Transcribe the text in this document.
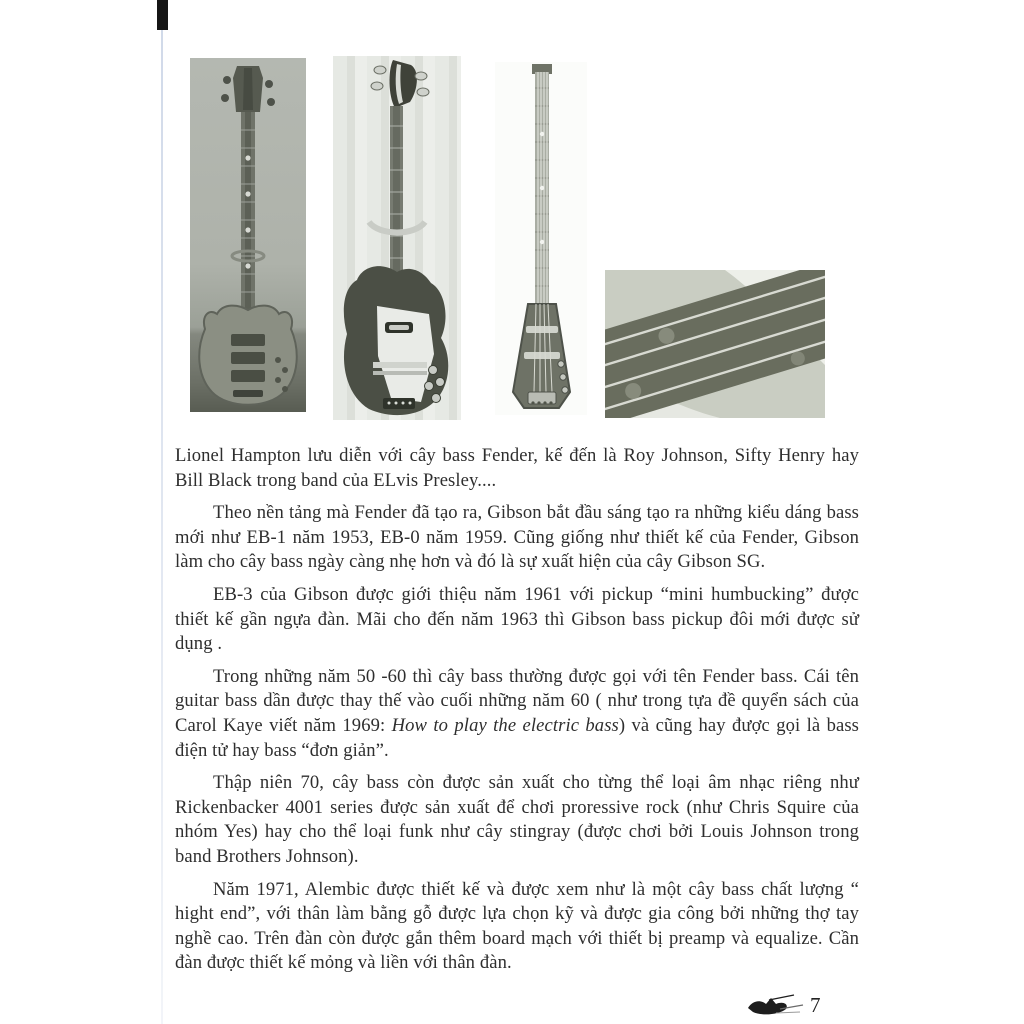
Lionel Hampton lưu diễn với cây bass Fender, kế đến là Roy Johnson, Sifty Henry hay Bill Black trong band của ELvis Presley....

Theo nền tảng mà Fender đã tạo ra, Gibson bắt đầu sáng tạo ra những kiểu dáng bass mới như EB-1 năm 1953, EB-0 năm 1959. Cũng giống như thiết kế của Fender, Gibson làm cho cây bass ngày càng nhẹ hơn và đó là sự xuất hiện của cây Gibson SG.

EB-3 của Gibson được giới thiệu năm 1961 với pickup “mini humbucking” được thiết kế gần ngựa đàn. Mãi cho đến năm 1963 thì Gibson bass pickup đôi mới được sử dụng .

Trong những năm 50 -60 thì cây bass thường được gọi với tên Fender bass. Cái tên guitar bass dần được thay thế vào cuối những năm 60 ( như trong tựa đề quyển sách của Carol Kaye viết năm 1969: How to play the electric bass) và cũng hay được gọi là bass điện tử hay bass “đơn giản”.

Thập niên 70, cây bass còn được sản xuất cho từng thể loại âm nhạc riêng như Rickenbacker 4001 series được sản xuất để chơi proressive rock (như Chris Squire của nhóm Yes) hay cho thể loại funk như cây stingray (được chơi bởi Louis Johnson trong band Brothers Johnson).

Năm 1971, Alembic được thiết kế và được xem như là một cây bass chất lượng “ hight end”, với thân làm bằng gỗ được lựa chọn kỹ và được gia công bởi những thợ tay nghề cao. Trên đàn còn được gắn thêm board mạch với thiết bị preamp và equalize. Cần đàn được thiết kế mỏng và liền với thân đàn.

7
